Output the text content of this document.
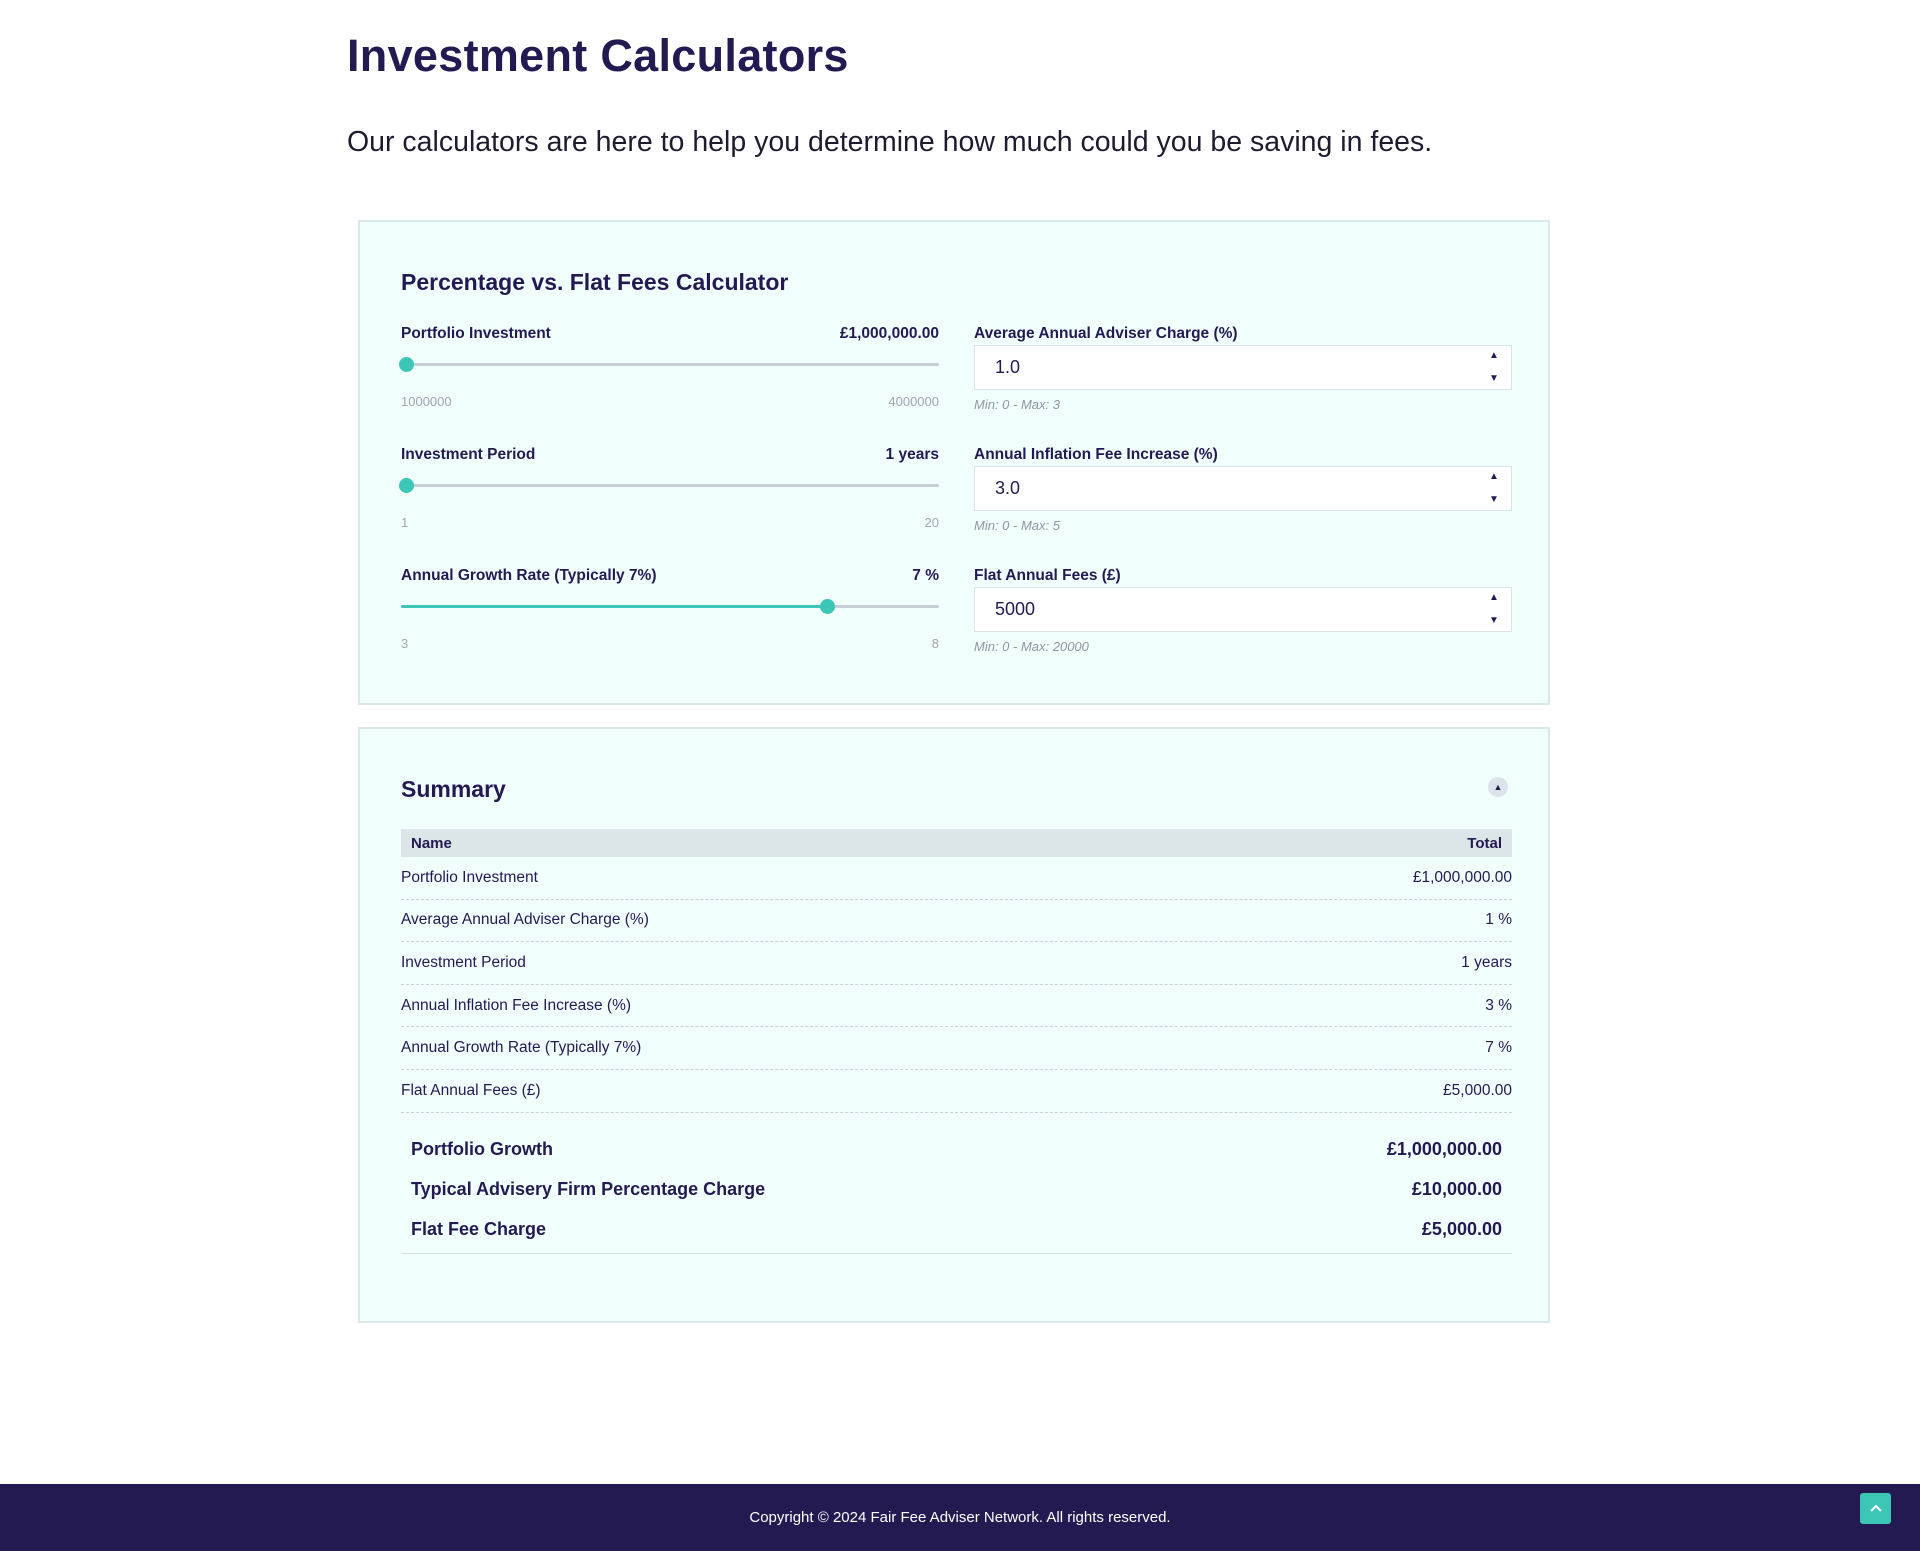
Investment Calculators

Our calculators are here to help you determine how much could you be saving in fees.

Percentage vs. Flat Fees Calculator
Portfolio Investment	£1,000,000.00
1000000	4000000
Investment Period	1 years
1	20
Annual Growth Rate (Typically 7%)	7 %
3	8
Average Annual Adviser Charge (%)
1.0
▲
▼
Min: 0 - Max: 3
Annual Inflation Fee Increase (%)
3.0
▲
▼
Min: 0 - Max: 5
Flat Annual Fees (£)
5000
▲
▼
Min: 0 - Max: 20000
Summary	▲
Name	Total
Portfolio Investment	£1,000,000.00
Average Annual Adviser Charge (%)	1 %
Investment Period	1 years
Annual Inflation Fee Increase (%)	3 %
Annual Growth Rate (Typically 7%)	7 %
Flat Annual Fees (£)	£5,000.00
Portfolio Growth	£1,000,000.00
Typical Advisery Firm Percentage Charge	£10,000.00
Flat Fee Charge	£5,000.00
Copyright © 2024 Fair Fee Adviser Network. All rights reserved.
